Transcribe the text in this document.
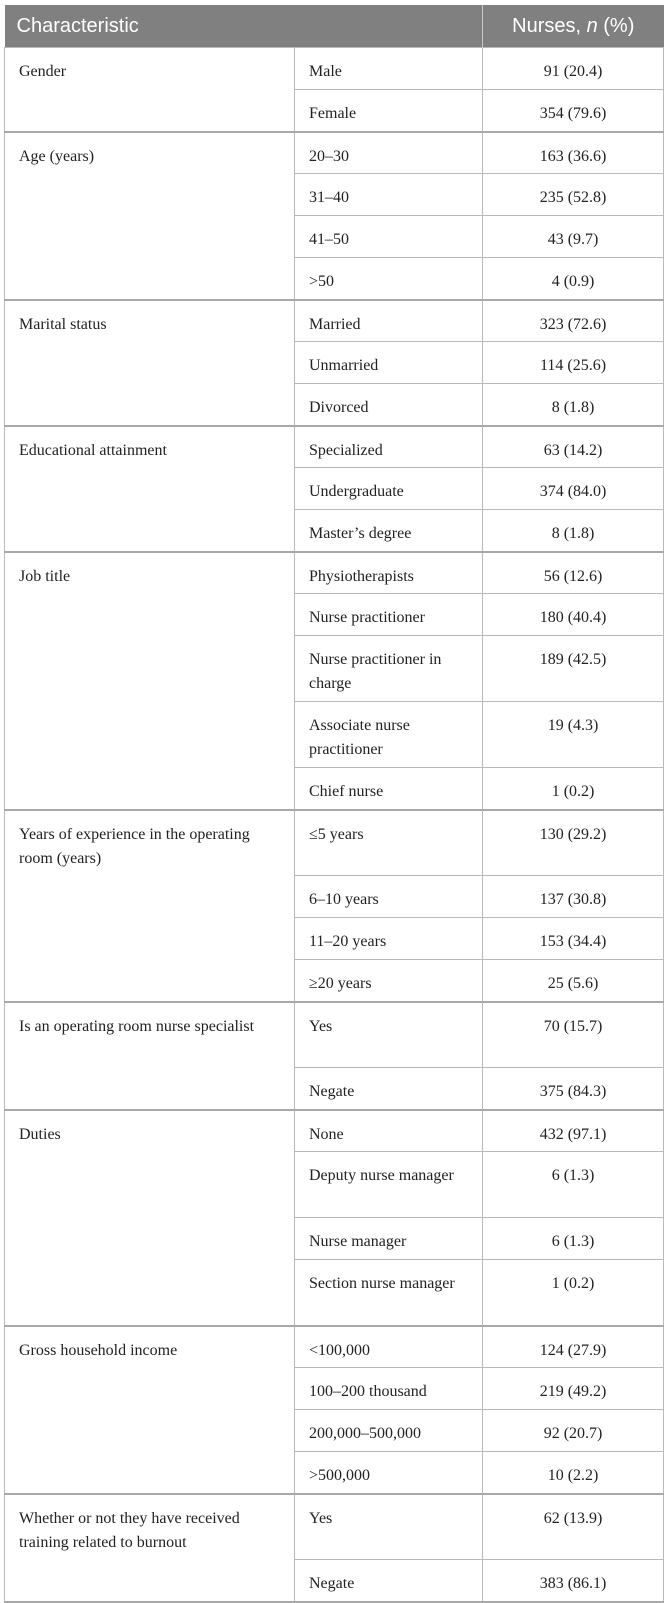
Characteristic		Nurses, n (%)
Gender	Male	91 (20.4)
	Female	354 (79.6)
Age (years)	20–30	163 (36.6)
	31–40	235 (52.8)
	41–50	43 (9.7)
	>50	4 (0.9)
Marital status	Married	323 (72.6)
	Unmarried	114 (25.6)
	Divorced	8 (1.8)
Educational attainment	Specialized	63 (14.2)
	Undergraduate	374 (84.0)
	Master’s degree	8 (1.8)
Job title	Physiotherapists	56 (12.6)
	Nurse practitioner	180 (40.4)
	Nurse practitioner in charge	189 (42.5)
	Associate nurse practitioner	19 (4.3)
	Chief nurse	1 (0.2)
Years of experience in the operating room (years)	≤5 years	130 (29.2)
	6–10 years	137 (30.8)
	11–20 years	153 (34.4)
	≥20 years	25 (5.6)
Is an operating room nurse specialist	Yes	70 (15.7)
	Negate	375 (84.3)
Duties	None	432 (97.1)
	Deputy nurse manager	6 (1.3)
	Nurse manager	6 (1.3)
	Section nurse manager	1 (0.2)
Gross household income	<100,000	124 (27.9)
	100–200 thousand	219 (49.2)
	200,000–500,000	92 (20.7)
	>500,000	10 (2.2)
Whether or not they have received training related to burnout	Yes	62 (13.9)
	Negate	383 (86.1)
